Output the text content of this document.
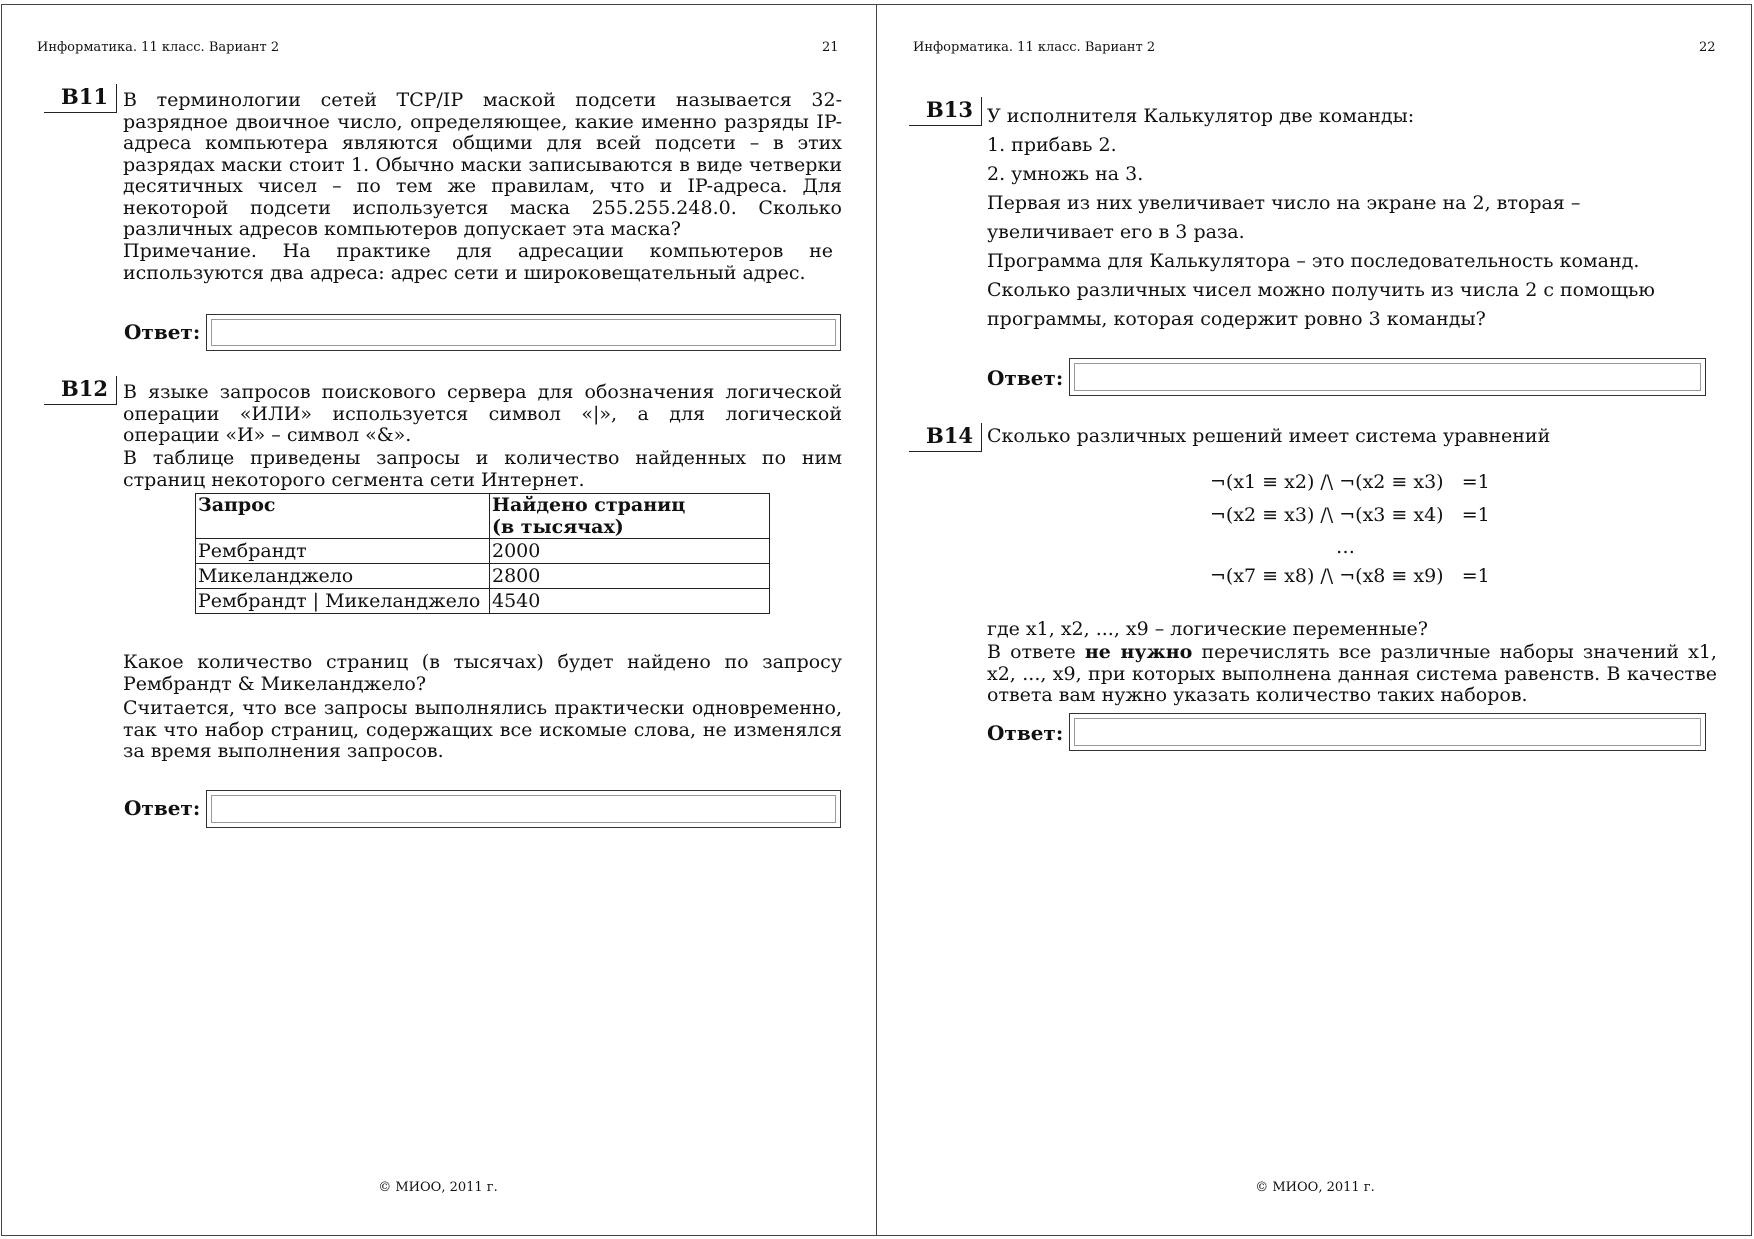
Информатика. 11 класс. Вариант 2	21
B11 В терминологии сетей TCP/IP маской подсети называется 32-разрядное двоичное число, определяющее, какие именно разряды IP-адреса компьютера являются общими для всей подсети – в этих разрядах маски стоит 1. Обычно маски записываются в виде четверки десятичных чисел – по тем же правилам, что и IP-адреса. Для некоторой подсети используется маска 255.255.248.0. Сколько различных адресов компьютеров допускает эта маска?
Примечание. На практике для адресации компьютеров не используются два адреса: адрес сети и широковещательный адрес.
Ответ:
B12 В языке запросов поискового сервера для обозначения логической операции «ИЛИ» используется символ «|», а для логической операции «И» – символ «&».
В таблице приведены запросы и количество найденных по ним страниц некоторого сегмента сети Интернет.
Запрос	Найдено страниц
(в тысячах)

Рембрандт	2000
Микеланджело	2800
Рембрандт | Микеланджело	4540
Какое количество страниц (в тысячах) будет найдено по запросу Рембрандт & Микеланджело?
Считается, что все запросы выполнялись практически одновременно, так что набор страниц, содержащих все искомые слова, не изменялся за время выполнения запросов.
Ответ:
© МИОО, 2011 г.
Информатика. 11 класс. Вариант 2	22
B13 У исполнителя Калькулятор две команды:
1. прибавь 2.
2. умножь на 3.
Первая из них увеличивает число на экране на 2, вторая –
увеличивает его в 3 раза.
Программа для Калькулятора – это последовательность команд.
Сколько различных чисел можно получить из числа 2 с помощью
программы, которая содержит ровно 3 команды?
Ответ:
B14 Сколько различных решений имеет система уравнений
¬(x1 ≡ x2) /\ ¬(x2 ≡ x3)   =1
¬(x2 ≡ x3) /\ ¬(x3 ≡ x4)   =1
…
¬(x7 ≡ x8) /\ ¬(x8 ≡ x9)   =1
где x1, x2, ..., x9 – логические переменные?
В ответе не нужно перечислять все различные наборы значений x1, x2, ..., x9, при которых выполнена данная система равенств. В качестве ответа вам нужно указать количество таких наборов.
Ответ:
© МИОО, 2011 г.
